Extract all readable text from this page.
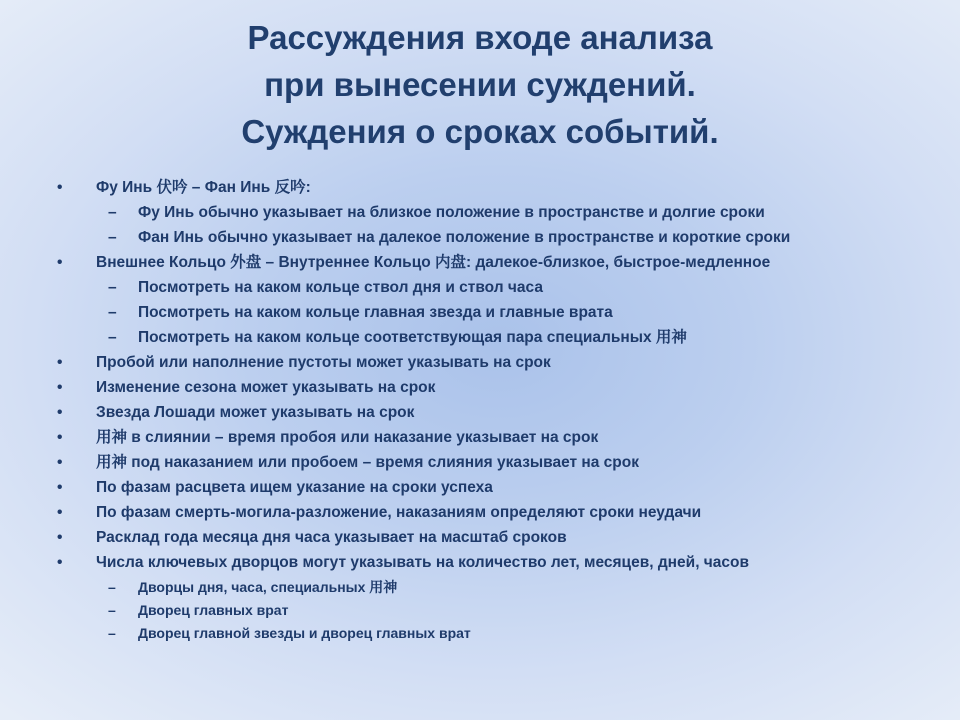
Рассуждения входе анализа
при вынесении суждений.
Суждения о сроках событий.
• Фу Инь 伏吟 – Фан Инь 反吟:
– Фу Инь обычно указывает на близкое положение в пространстве и долгие сроки
– Фан Инь обычно указывает на далекое положение в пространстве и короткие сроки
• Внешнее Кольцо 外盘 – Внутреннее Кольцо 内盘: далекое-близкое, быстрое-медленное
– Посмотреть на каком кольце ствол дня и ствол часа
– Посмотреть на каком кольце главная звезда и главные врата
– Посмотреть на каком кольце соответствующая пара специальных 用神
• Пробой или наполнение пустоты может указывать на срок
• Изменение сезона может указывать на срок
• Звезда Лошади может указывать на срок
• 用神 в слиянии – время пробоя или наказание указывает на срок
• 用神 под наказанием или пробоем – время слияния указывает на срок
• По фазам расцвета ищем указание на сроки успеха
• По фазам смерть-могила-разложение, наказаниям определяют сроки неудачи
• Расклад года месяца дня часа указывает на масштаб сроков
• Числа ключевых дворцов могут указывать на количество лет, месяцев, дней, часов
– Дворцы дня, часа, специальных 用神
– Дворец главных врат
– Дворец главной звезды и дворец главных врат
